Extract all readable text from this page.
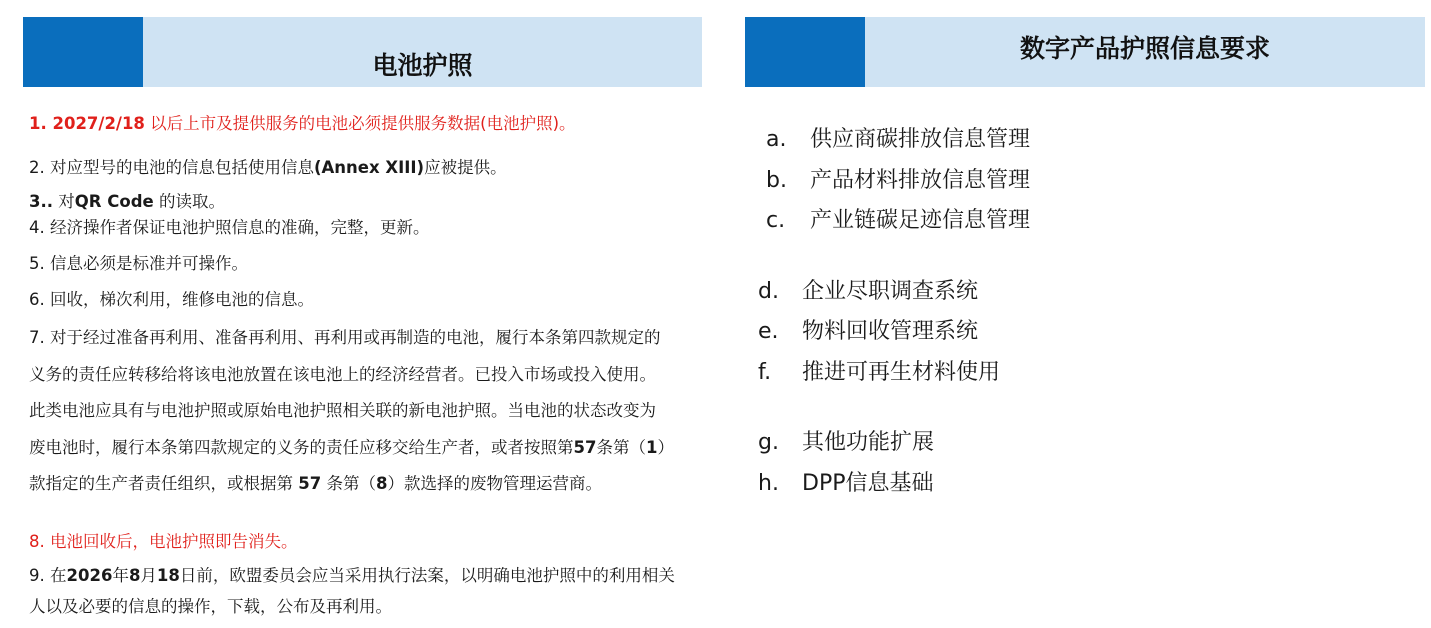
电池护照
数字产品护照信息要求
1. 2027/2/18 以后上市及提供服务的电池必须提供服务数据(电池护照)。
2. 对应型号的电池的信息包括使用信息(Annex XIII)应被提供。
3.. 对QR Code 的读取。
4. 经济操作者保证电池护照信息的准确，完整，更新。
5. 信息必须是标准并可操作。
6. 回收，梯次利用，维修电池的信息。
7. 对于经过准备再利用、准备再利用、再利用或再制造的电池，履行本条第四款规定的义务的责任应转移给将该电池放置在该电池上的经济经营者。已投入市场或投入使用。此类电池应具有与电池护照或原始电池护照相关联的新电池护照。当电池的状态改变为废电池时，履行本条第四款规定的义务的责任应移交给生产者，或者按照第57条第（1）款指定的生产者责任组织，或根据第 57 条第（8）款选择的废物管理运营商。
8. 电池回收后，电池护照即告消失。
9. 在2026年8月18日前，欧盟委员会应当采用执行法案，以明确电池护照中的利用相关人以及必要的信息的操作，下载，公布及再利用。
a. 供应商碳排放信息管理
b. 产品材料排放信息管理
c. 产业链碳足迹信息管理
d. 企业尽职调查系统
e. 物料回收管理系统
f. 推进可再生材料使用
g. 其他功能扩展
h. DPP信息基础
